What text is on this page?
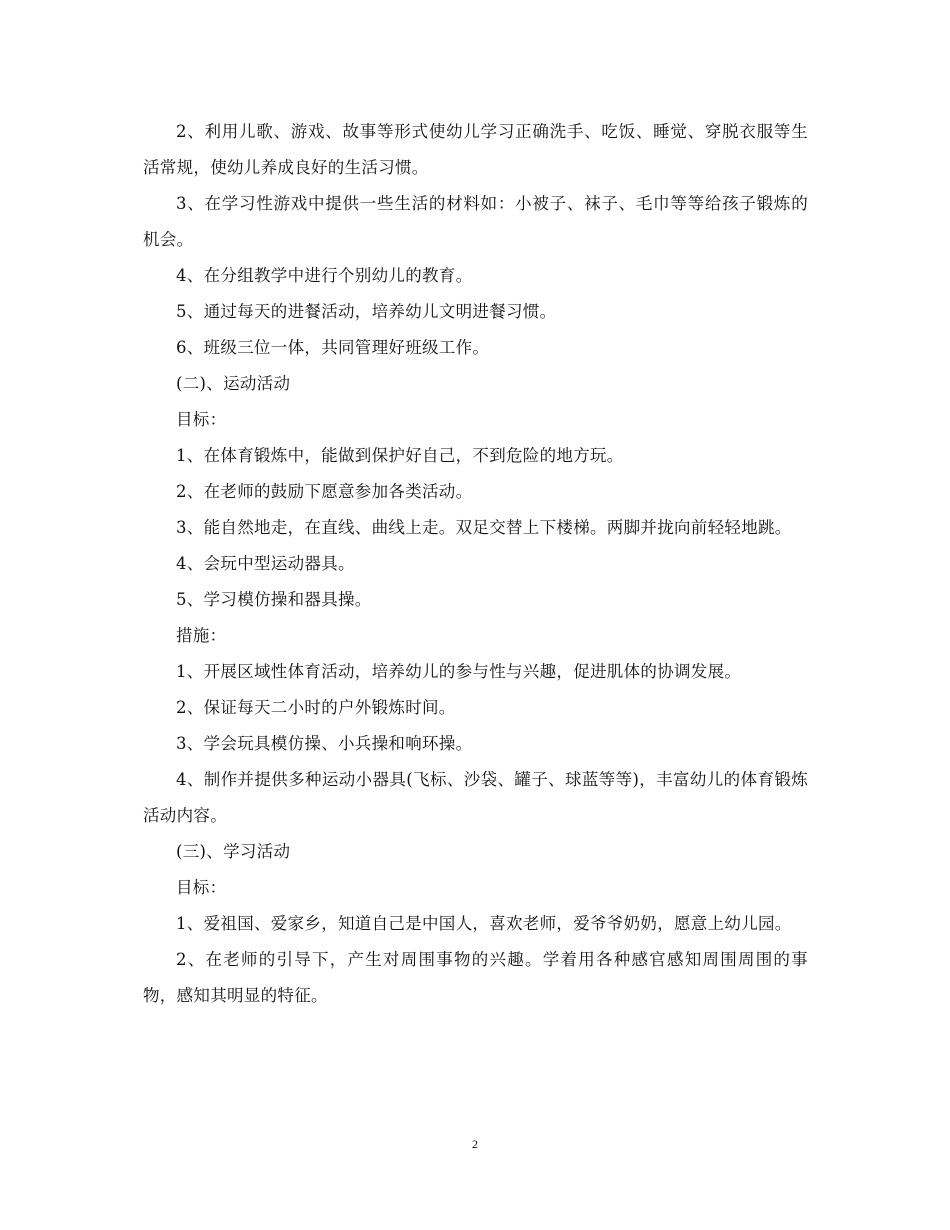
2、利用儿歌、游戏、故事等形式使幼儿学习正确洗手、吃饭、睡觉、穿脱衣服等生活常规，使幼儿养成良好的生活习惯。

3、在学习性游戏中提供一些生活的材料如：小被子、袜子、毛巾等等给孩子锻炼的机会。

4、在分组教学中进行个别幼儿的教育。

5、通过每天的进餐活动，培养幼儿文明进餐习惯。

6、班级三位一体，共同管理好班级工作。

(二)、运动活动

目标：

1、在体育锻炼中，能做到保护好自己，不到危险的地方玩。

2、在老师的鼓励下愿意参加各类活动。

3、能自然地走，在直线、曲线上走。双足交替上下楼梯。两脚并拢向前轻轻地跳。

4、会玩中型运动器具。

5、学习模仿操和器具操。

措施：

1、开展区域性体育活动，培养幼儿的参与性与兴趣，促进肌体的协调发展。

2、保证每天二小时的户外锻炼时间。

3、学会玩具模仿操、小兵操和响环操。

4、制作并提供多种运动小器具(飞标、沙袋、罐子、球蓝等等)，丰富幼儿的体育锻炼活动内容。

(三)、学习活动

目标：

1、爱祖国、爱家乡，知道自己是中国人，喜欢老师，爱爷爷奶奶，愿意上幼儿园。

2、在老师的引导下，产生对周围事物的兴趣。学着用各种感官感知周围周围的事物，感知其明显的特征。

2
